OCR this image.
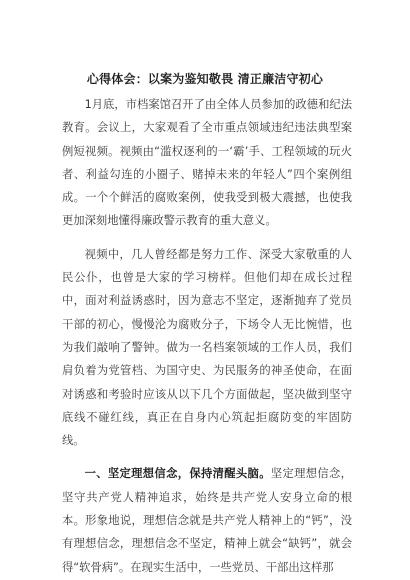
心得体会：以案为鉴知敬畏 清正廉洁守初心

1月底，市档案馆召开了由全体人员参加的政德和纪法教育。会议上，大家观看了全市重点领域违纪违法典型案例短视频。视频由“滥权逐利的一‘霸’手、工程领域的玩火者、利益勾连的小圈子、赌掉未来的年轻人”四个案例组成。一个个鲜活的腐败案例，使我受到极大震撼，也使我更加深刻地懂得廉政警示教育的重大意义。

视频中，几人曾经都是努力工作、深受大家敬重的人民公仆，也曾是大家的学习榜样。但他们却在成长过程中，面对利益诱惑时，因为意志不坚定，逐渐抛弃了党员干部的初心，慢慢沦为腐败分子，下场令人无比惋惜，也为我们敲响了警钟。做为一名档案领域的工作人员，我们肩负着为党管档、为国守史、为民服务的神圣使命，在面对诱惑和考验时应该从以下几个方面做起，坚决做到坚守底线不碰红线，真正在自身内心筑起拒腐防变的牢固防线。

一、坚定理想信念，保持清醒头脑。坚定理想信念，坚守共产党人精神追求，始终是共产党人安身立命的根本。形象地说，理想信念就是共产党人精神上的“钙”，没有理想信念，理想信念不坚定，精神上就会“缺钙”，就会得“软骨病”。在现实生活中，一些党员、干部出这样那
